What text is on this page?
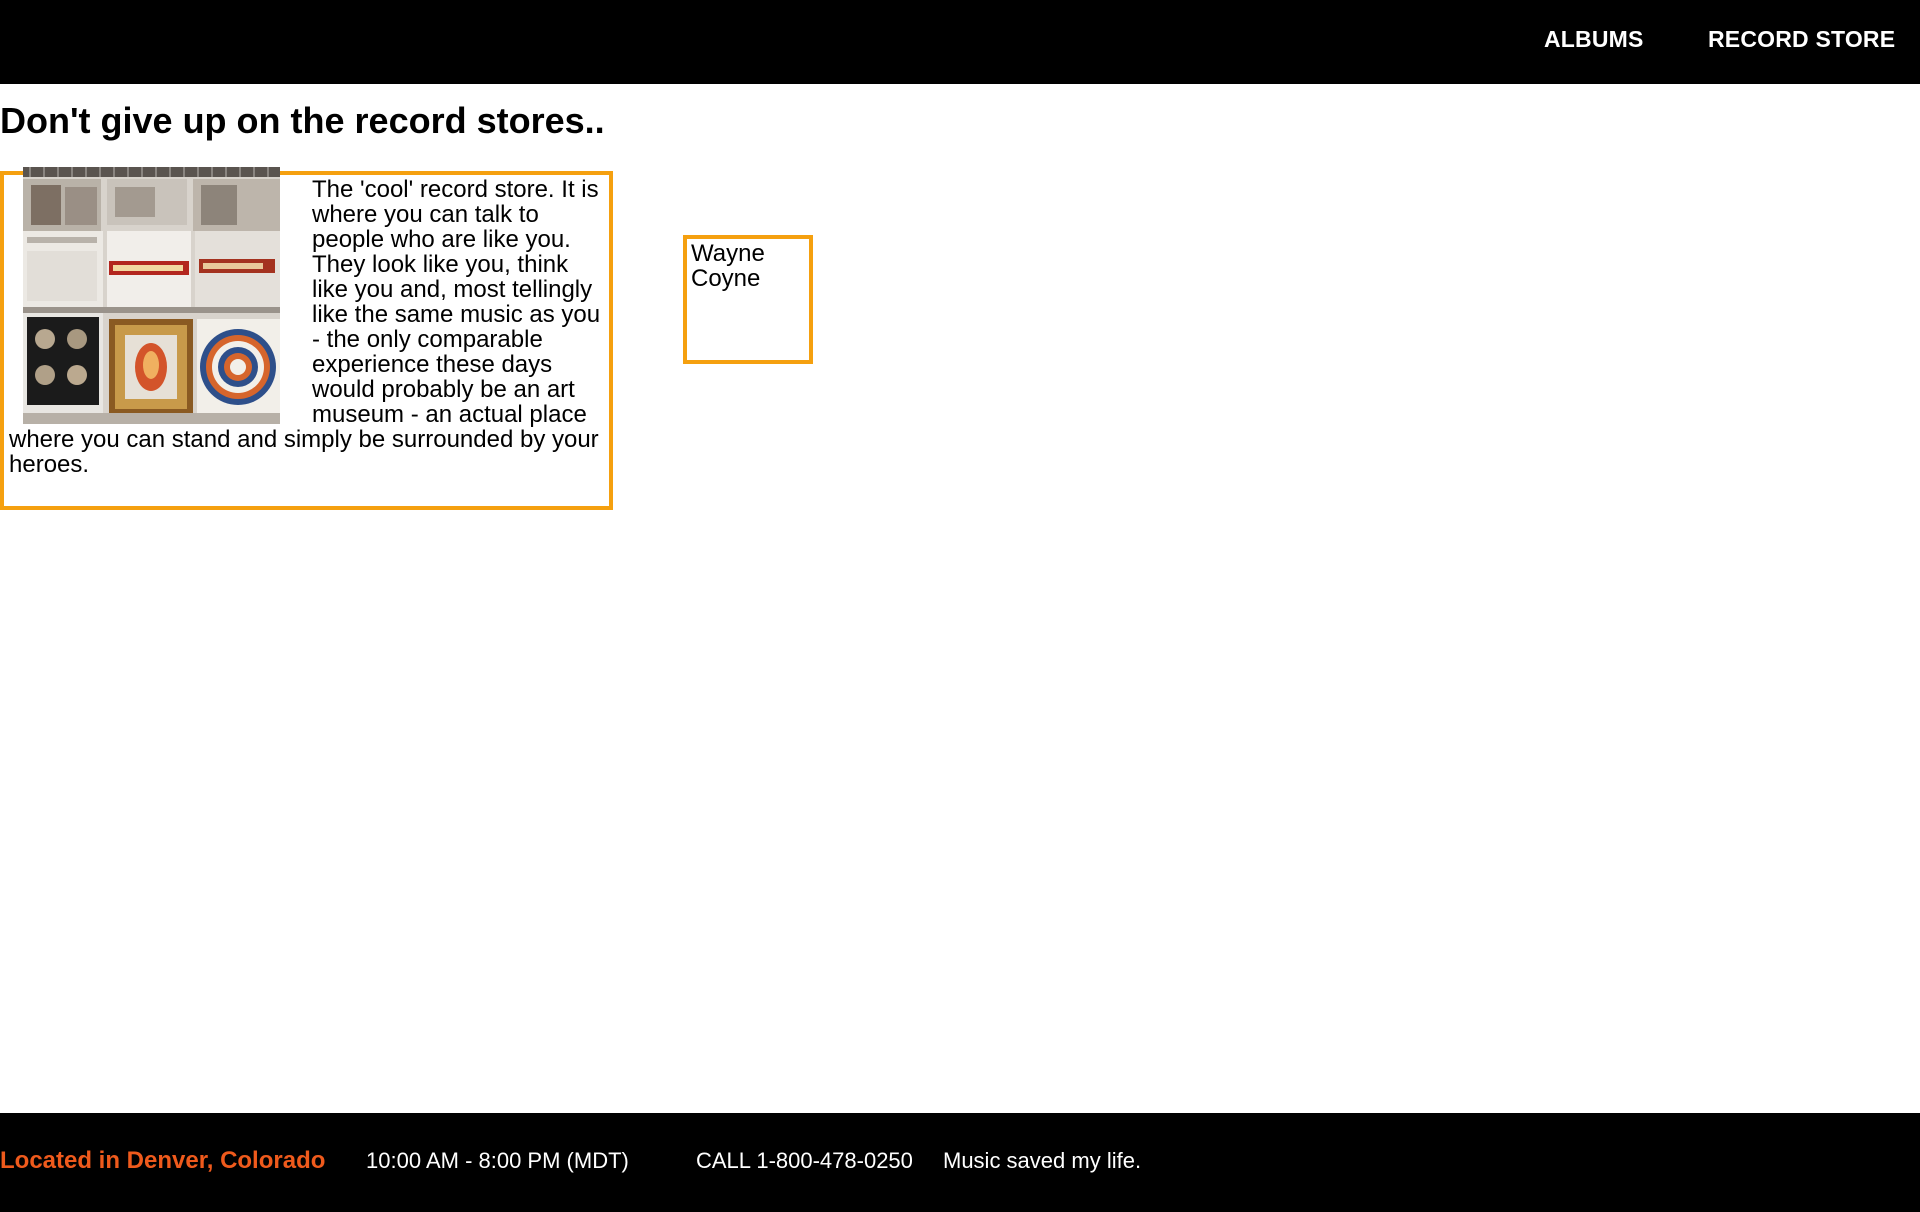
ALBUMS	RECORD STORE
Don't give up on the record stores..

The 'cool' record store. It is where you can talk to people who are like you. They look like you, think like you and, most tellingly like the same music as you - the only comparable experience these days would probably be an art museum - an actual place where you can stand and simply be surrounded by your heroes.

Wayne Coyne

Located in Denver, Colorado 10:00 AM - 8:00 PM (MDT)	CALL 1-800-478-0250 Music saved my life.
